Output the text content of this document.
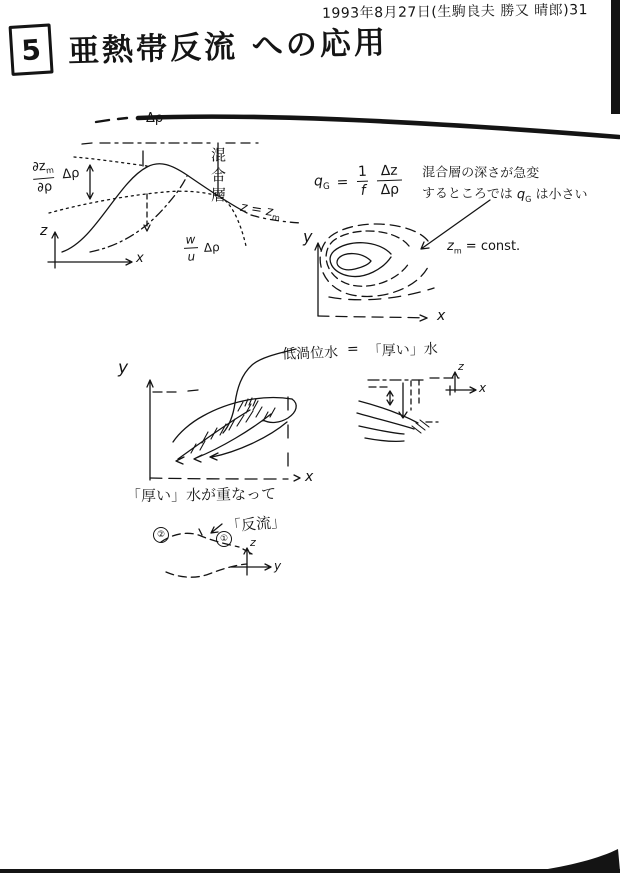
1993年8月27日(生駒良夫 勝又 晴郎)31
5 亜熱帯反流 への応用
Δρ
$\frac{\partial z_m}{\partial\rho}$ Δρ	混合層
$z = z_m$
$\frac{w}{u}$ Δρ
z
x
$q_G = \frac{1}{f} \frac{\Delta z}{\Delta\rho}$ 混合層の深さが急変
するところでは $q_G$ は小さい
y
x
$z_m$ = const.
低渦位水 = 「厚い」水
y
x
z
x
「厚い」水が重なって
「反流」
②	①	z
y
